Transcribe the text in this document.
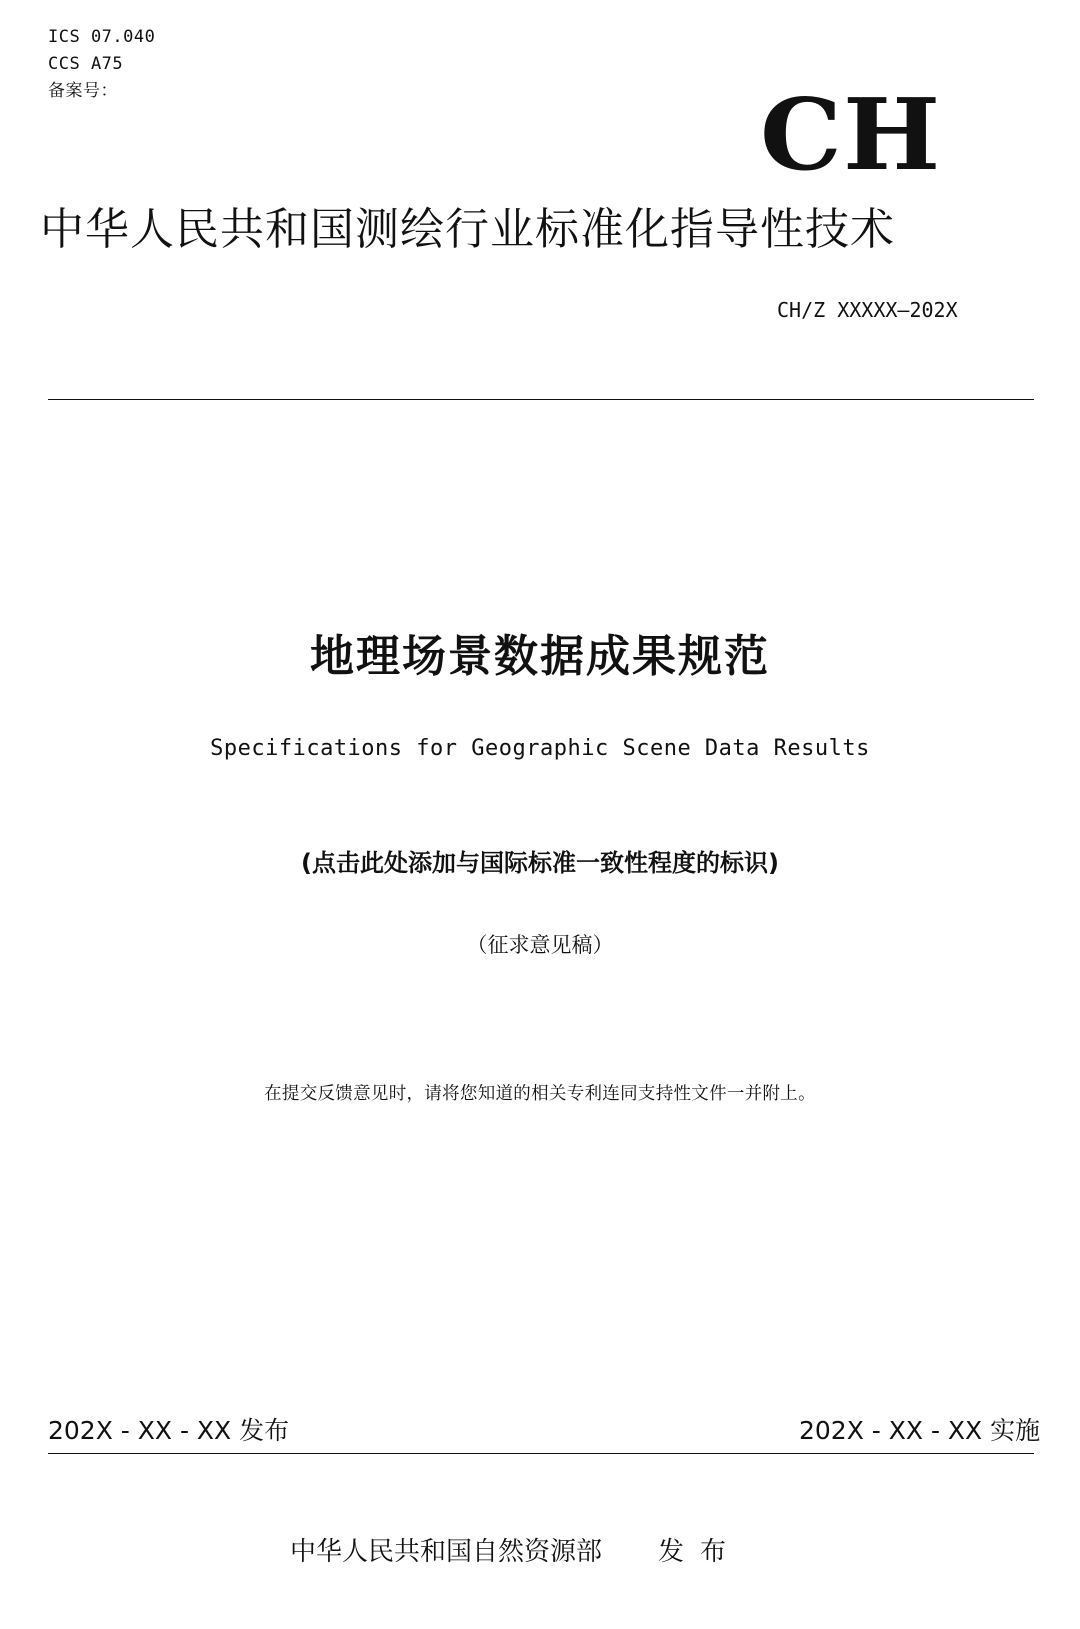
ICS 07.040
CCS A75
备案号：	CH
中华人民共和国测绘行业标准化指导性技术
CH/Z XXXXX—202X
地理场景数据成果规范
Specifications for Geographic Scene Data Results
(点击此处添加与国际标准一致性程度的标识)
（征求意见稿）
在提交反馈意见时，请将您知道的相关专利连同支持性文件一并附上。
202X - XX - XX 发布	202X - XX - XX 实施
中华人民共和国自然资源部 发布
